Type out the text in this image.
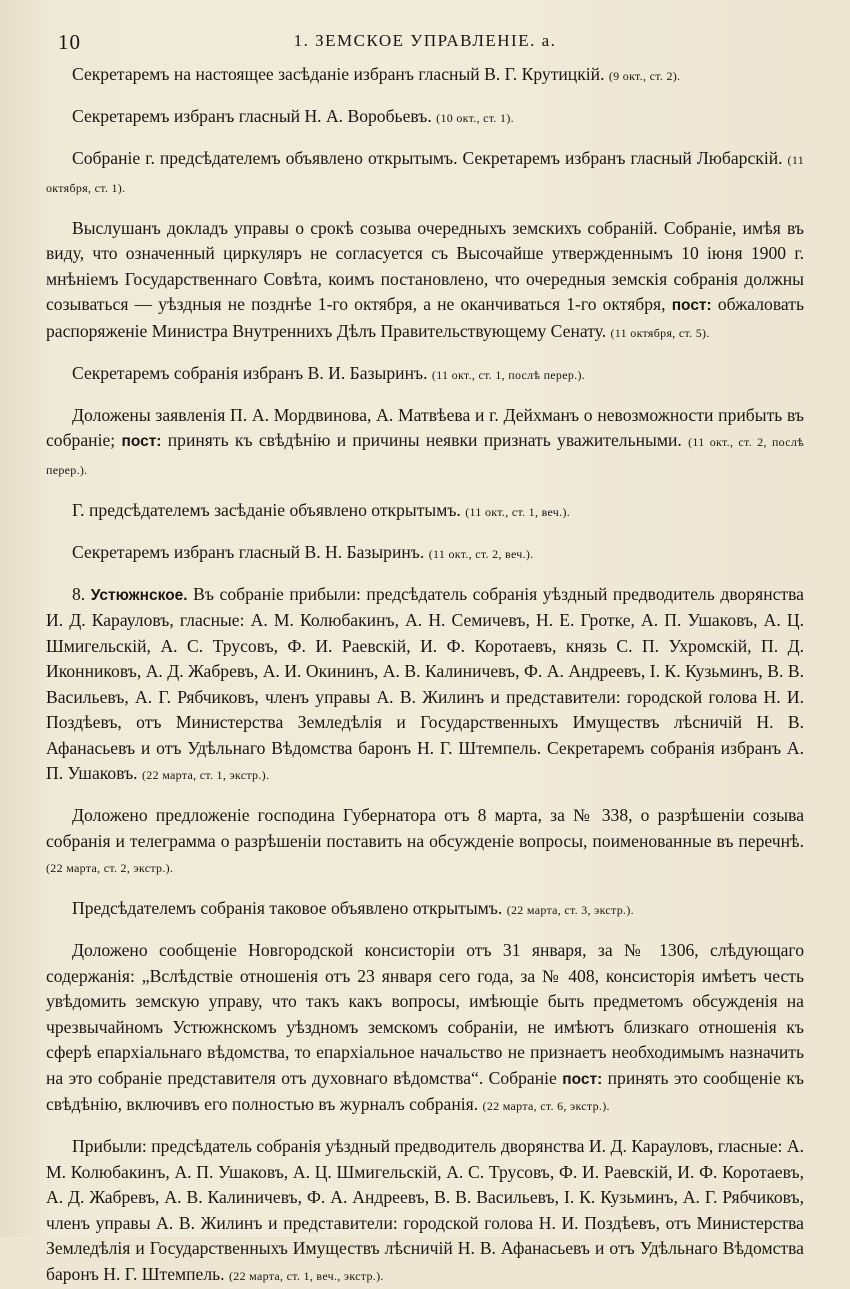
10	1. ЗЕМСКОЕ УПРАВЛЕНІЕ. а.

Секретаремъ на настоящее засѣданіе избранъ гласный В. Г. Крутицкій. (9 окт., ст. 2).

Секретаремъ избранъ гласный Н. А. Воробьевъ. (10 окт., ст. 1).

Собраніе г. предсѣдателемъ объявлено открытымъ. Секретаремъ избранъ гласный Любарскій. (11 октября, ст. 1).

Выслушанъ докладъ управы о срокѣ созыва очередныхъ земскихъ собраній. Собраніе, имѣя въ виду, что означенный циркуляръ не согласуется съ Высочайше утвержденнымъ 10 іюня 1900 г. мнѣніемъ Государственнаго Совѣта, коимъ постановлено, что очередныя земскія собранія должны созываться — уѣздныя не позднѣе 1-го октября, а не оканчиваться 1-го октября, пост: обжаловать распоряженіе Министра Внутреннихъ Дѣлъ Правительствующему Сенату. (11 октября, ст. 5).

Секретаремъ собранія избранъ В. И. Базыринъ. (11 окт., ст. 1, послѣ перер.).

Доложены заявленія П. А. Мордвинова, А. Матвѣева и г. Дейхманъ о невозможности прибыть въ собраніе; пост: принять къ свѣдѣнію и причины неявки признать уважительными. (11 окт., ст. 2, послѣ перер.).

Г. предсѣдателемъ засѣданіе объявлено открытымъ. (11 окт., ст. 1, веч.).

Секретаремъ избранъ гласный В. Н. Базыринъ. (11 окт., ст. 2, веч.).

8. Устюжнское. Въ собраніе прибыли: предсѣдатель собранія уѣздный предводитель дворянства И. Д. Карауловъ, гласные: А. М. Колюбакинъ, А. Н. Семичевъ, Н. Е. Гротке, А. П. Ушаковъ, А. Ц. Шмигельскій, А. С. Трусовъ, Ф. И. Раевскій, И. Ф. Коротаевъ, князь С. П. Ухромскій, П. Д. Иконниковъ, А. Д. Жабревъ, А. И. Окининъ, А. В. Калиничевъ, Ф. А. Андреевъ, І. К. Кузьминъ, В. В. Васильевъ, А. Г. Рябчиковъ, членъ управы А. В. Жилинъ и представители: городской голова Н. И. Поздѣевъ, отъ Министерства Земледѣлія и Государственныхъ Имуществъ лѣсничій Н. В. Афанасьевъ и отъ Удѣльнаго Вѣдомства баронъ Н. Г. Штемпель. Секретаремъ собранія избранъ А. П. Ушаковъ. (22 марта, ст. 1, экстр.).

Доложено предложеніе господина Губернатора отъ 8 марта, за № 338, о разрѣшеніи созыва собранія и телеграмма о разрѣшеніи поставить на обсужденіе вопросы, поименованные въ перечнѣ. (22 марта, ст. 2, экстр.).

Предсѣдателемъ собранія таковое объявлено открытымъ. (22 марта, ст. 3, экстр.).

Доложено сообщеніе Новгородской консисторіи отъ 31 января, за № 1306, слѣдующаго содержанія: „Вслѣдствіе отношенія отъ 23 января сего года, за № 408, консисторія имѣетъ честь увѣдомить земскую управу, что такъ какъ вопросы, имѣющіе быть предметомъ обсужденія на чрезвычайномъ Устюжнскомъ уѣздномъ земскомъ собраніи, не имѣютъ близкаго отношенія къ сферѣ епархіальнаго вѣдомства, то епархіальное начальство не признаетъ необходимымъ назначить на это собраніе представителя отъ духовнаго вѣдомства“. Собраніе пост: принять это сообщеніе къ свѣдѣнію, включивъ его полностью въ журналъ собранія. (22 марта, ст. 6, экстр.).

Прибыли: предсѣдатель собранія уѣздный предводитель дворянства И. Д. Карауловъ, гласные: А. М. Колюбакинъ, А. П. Ушаковъ, А. Ц. Шмигельскій, А. С. Трусовъ, Ф. И. Раевскій, И. Ф. Коротаевъ, А. Д. Жабревъ, А. В. Калиничевъ, Ф. А. Андреевъ, В. В. Васильевъ, І. К. Кузьминъ, А. Г. Рябчиковъ, членъ управы А. В. Жилинъ и представители: городской голова Н. И. Поздѣевъ, отъ Министерства Земледѣлія и Государственныхъ Имуществъ лѣсничій Н. В. Афанасьевъ и отъ Удѣльнаго Вѣдомства баронъ Н. Г. Штемпель. (22 марта, ст. 1, веч., экстр.).
